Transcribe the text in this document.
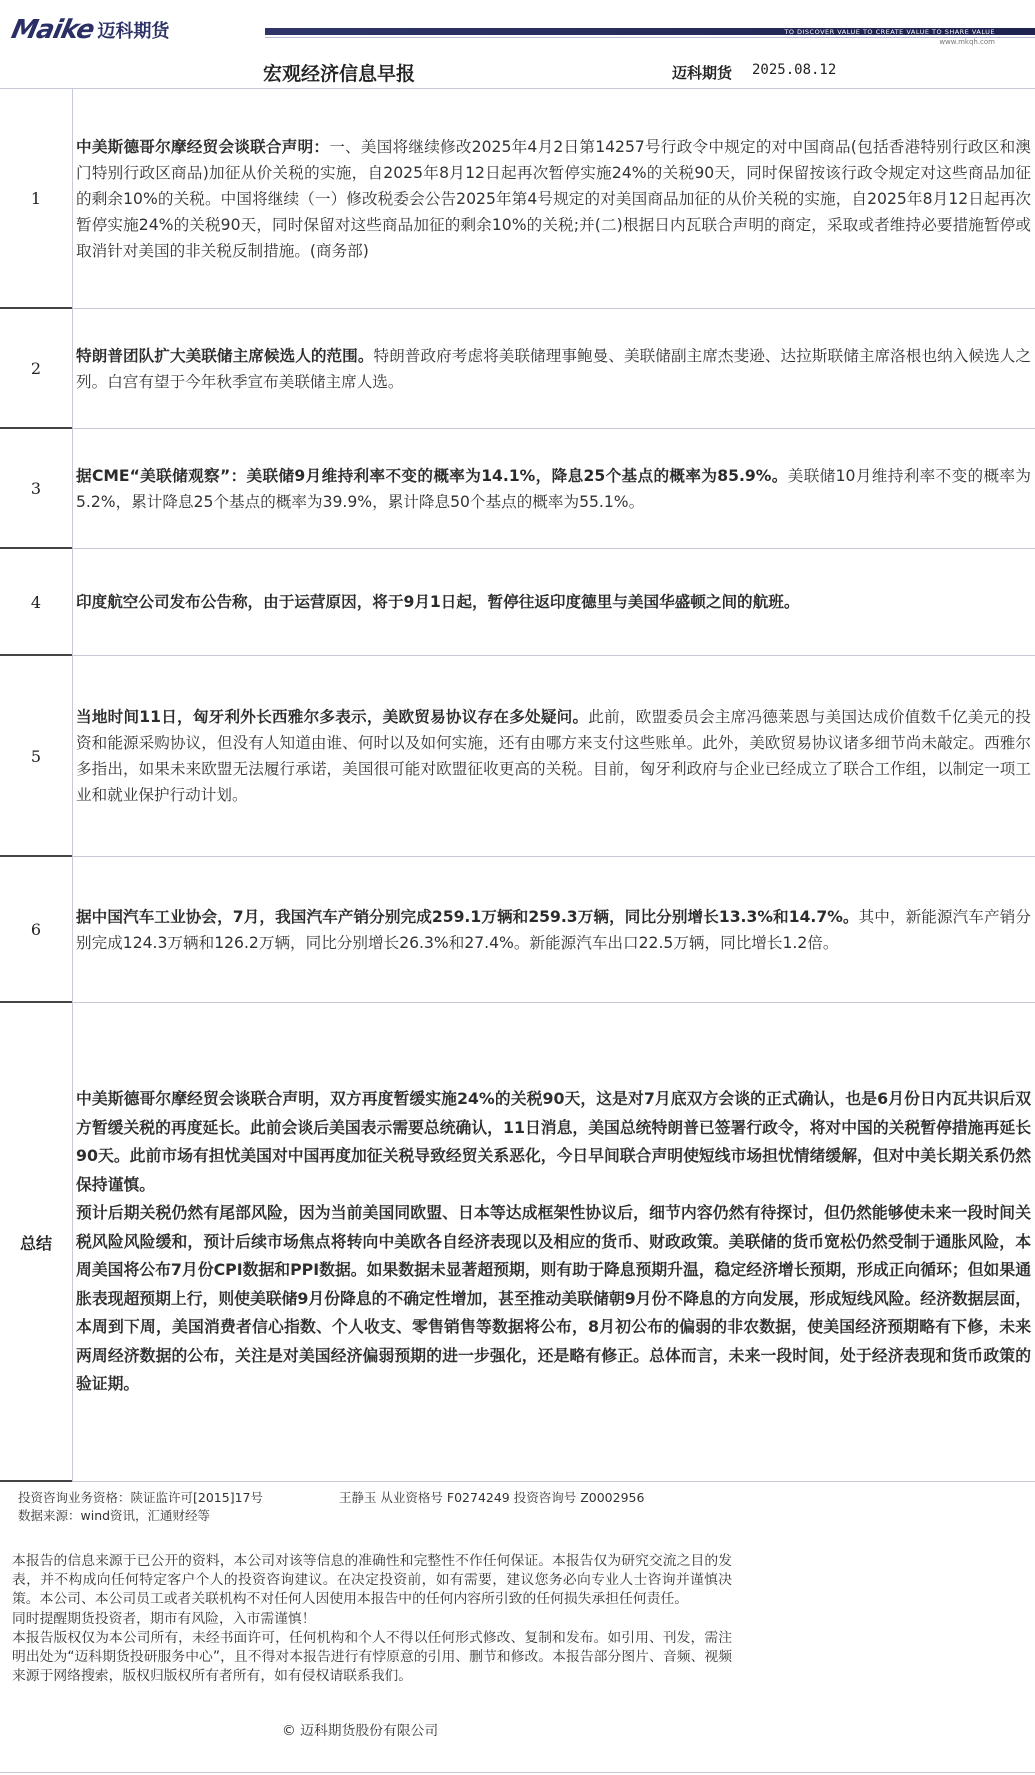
Maike 迈科期货	TO DISCOVER VALUE TO CREATE VALUE TO SHARE VALUE
www.mkqh.com
宏观经济信息早报	迈科期货 2025.08.12
1

中美斯德哥尔摩经贸会谈联合声明：一、美国将继续修改2025年4月2日第14257号行政令中规定的对中国商品(包括香港特别行政区和澳门特别行政区商品)加征从价关税的实施，自2025年8月12日起再次暂停实施24%的关税90天，同时保留按该行政令规定对这些商品加征的剩余10%的关税。中国将继续（一）修改税委会公告2025年第4号规定的对美国商品加征的从价关税的实施，自2025年8月12日起再次暂停实施24%的关税90天，同时保留对这些商品加征的剩余10%的关税;并(二)根据日内瓦联合声明的商定，采取或者维持必要措施暂停或取消针对美国的非关税反制措施。(商务部)

2

特朗普团队扩大美联储主席候选人的范围。特朗普政府考虑将美联储理事鲍曼、美联储副主席杰斐逊、达拉斯联储主席洛根也纳入候选人之列。白宫有望于今年秋季宣布美联储主席人选。

3

据CME“美联储观察”：美联储9月维持利率不变的概率为14.1%，降息25个基点的概率为85.9%。美联储10月维持利率不变的概率为5.2%，累计降息25个基点的概率为39.9%，累计降息50个基点的概率为55.1%。

4	印度航空公司发布公告称，由于运营原因，将于9月1日起，暂停往返印度德里与美国华盛顿之间的航班。

5

当地时间11日，匈牙利外长西雅尔多表示，美欧贸易协议存在多处疑问。此前，欧盟委员会主席冯德莱恩与美国达成价值数千亿美元的投资和能源采购协议，但没有人知道由谁、何时以及如何实施，还有由哪方来支付这些账单。此外，美欧贸易协议诸多细节尚未敲定。西雅尔多指出，如果未来欧盟无法履行承诺，美国很可能对欧盟征收更高的关税。目前，匈牙利政府与企业已经成立了联合工作组，以制定一项工业和就业保护行动计划。

6

据中国汽车工业协会，7月，我国汽车产销分别完成259.1万辆和259.3万辆，同比分别增长13.3%和14.7%。其中，新能源汽车产销分别完成124.3万辆和126.2万辆，同比分别增长26.3%和27.4%。新能源汽车出口22.5万辆，同比增长1.2倍。

总结

中美斯德哥尔摩经贸会谈联合声明，双方再度暂缓实施24%的关税90天，这是对7月底双方会谈的正式确认，也是6月份日内瓦共识后双方暂缓关税的再度延长。此前会谈后美国表示需要总统确认，11日消息，美国总统特朗普已签署行政令，将对中国的关税暂停措施再延长90天。此前市场有担忧美国对中国再度加征关税导致经贸关系恶化，今日早间联合声明使短线市场担忧情绪缓解，但对中美长期关系仍然保持谨慎。
预计后期关税仍然有尾部风险，因为当前美国同欧盟、日本等达成框架性协议后，细节内容仍然有待探讨，但仍然能够使未来一段时间关税风险风险缓和，预计后续市场焦点将转向中美欧各自经济表现以及相应的货币、财政政策。美联储的货币宽松仍然受制于通胀风险，本周美国将公布7月份CPI数据和PPI数据。如果数据未显著超预期，则有助于降息预期升温，稳定经济增长预期，形成正向循环；但如果通胀表现超预期上行，则使美联储9月份降息的不确定性增加，甚至推动美联储朝9月份不降息的方向发展，形成短线风险。经济数据层面，本周到下周，美国消费者信心指数、个人收支、零售销售等数据将公布，8月初公布的偏弱的非农数据，使美国经济预期略有下修，未来两周经济数据的公布，关注是对美国经济偏弱预期的进一步强化，还是略有修正。总体而言，未来一段时间，处于经济表现和货币政策的验证期。

投资咨询业务资格：陕证监许可[2015]17号	王静玉 从业资格号 F0274249 投资咨询号 Z0002956
数据来源：wind资讯，汇通财经等

本报告的信息来源于已公开的资料，本公司对该等信息的准确性和完整性不作任何保证。本报告仅为研究交流之目的发表，并不构成向任何特定客户个人的投资咨询建议。在决定投资前，如有需要，建议您务必向专业人士咨询并谨慎决策。本公司、本公司员工或者关联机构不对任何人因使用本报告中的任何内容所引致的任何损失承担任何责任。

同时提醒期货投资者，期市有风险，入市需谨慎！

本报告版权仅为本公司所有，未经书面许可，任何机构和个人不得以任何形式修改、复制和发布。如引用、刊发，需注明出处为“迈科期货投研服务中心”，且不得对本报告进行有悖原意的引用、删节和修改。本报告部分图片、音频、视频来源于网络搜索，版权归版权所有者所有，如有侵权请联系我们。

© 迈科期货股份有限公司
